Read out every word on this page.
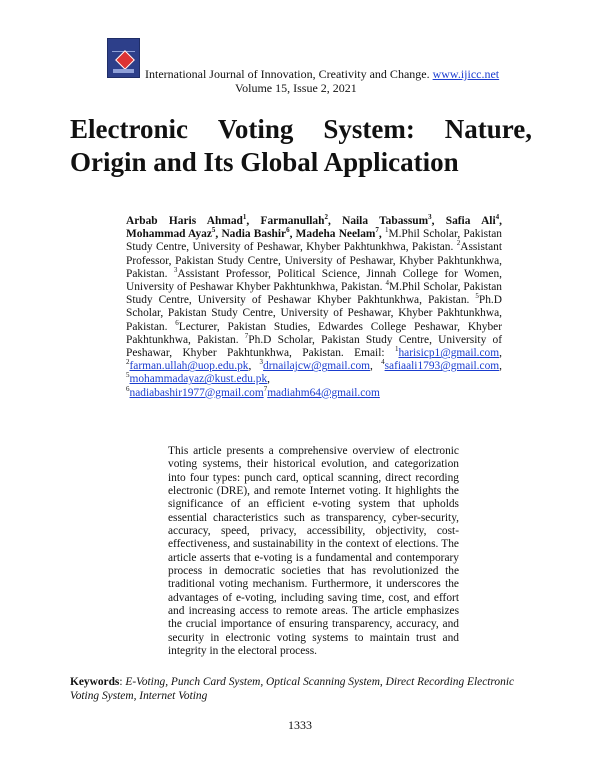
International Journal of Innovation, Creativity and Change. www.ijicc.net
Volume 15, Issue 2, 2021
Electronic Voting System: Nature,
Origin and Its Global Application
Arbab Haris Ahmad$^1$, Farmanullah$^2$, Naila Tabassum$^3$, Safia Ali$^4$, Mohammad Ayaz$^5$, Nadia Bashir$^6$, Madeha Neelam$^7$, $^1$M.Phil Scholar, Pakistan Study Centre, University of Peshawar, Khyber Pakhtunkhwa, Pakistan. $^2$Assistant Professor, Pakistan Study Centre, University of Peshawar, Khyber Pakhtunkhwa, Pakistan. $^3$Assistant Professor, Political Science, Jinnah College for Women, University of Peshawar Khyber Pakhtunkhwa, Pakistan. $^4$M.Phil Scholar, Pakistan Study Centre, University of Peshawar Khyber Pakhtunkhwa, Pakistan. $^5$Ph.D Scholar, Pakistan Study Centre, University of Peshawar, Khyber Pakhtunkhwa, Pakistan. $^6$Lecturer, Pakistan Studies, Edwardes College Peshawar, Khyber Pakhtunkhwa, Pakistan. $^7$Ph.D Scholar, Pakistan Study Centre, University of Peshawar, Khyber Pakhtunkhwa, Pakistan. Email: $^1$harisicp1@gmail.com, $^2$farman.ullah@uop.edu.pk, $^3$drnailajcw@gmail.com, $^4$safiaali1793@gmail.com, $^5$mohammadayaz@kust.edu.pk, $^6$nadiabashir1977@gmail.com$^7$madiahm64@gmail.com

This article presents a comprehensive overview of electronic voting systems, their historical evolution, and categorization into four types: punch card, optical scanning, direct recording electronic (DRE), and remote Internet voting. It highlights the significance of an efficient e-voting system that upholds essential characteristics such as transparency, cyber-security, accuracy, speed, privacy, accessibility, objectivity, cost-effectiveness, and sustainability in the context of elections. The article asserts that e-voting is a fundamental and contemporary process in democratic societies that has revolutionized the traditional voting mechanism. Furthermore, it underscores the advantages of e-voting, including saving time, cost, and effort and increasing access to remote areas. The article emphasizes the crucial importance of ensuring transparency, accuracy, and security in electronic voting systems to maintain trust and integrity in the electoral process.

Keywords: E-Voting, Punch Card System, Optical Scanning System, Direct Recording Electronic Voting System, Internet Voting
1333
